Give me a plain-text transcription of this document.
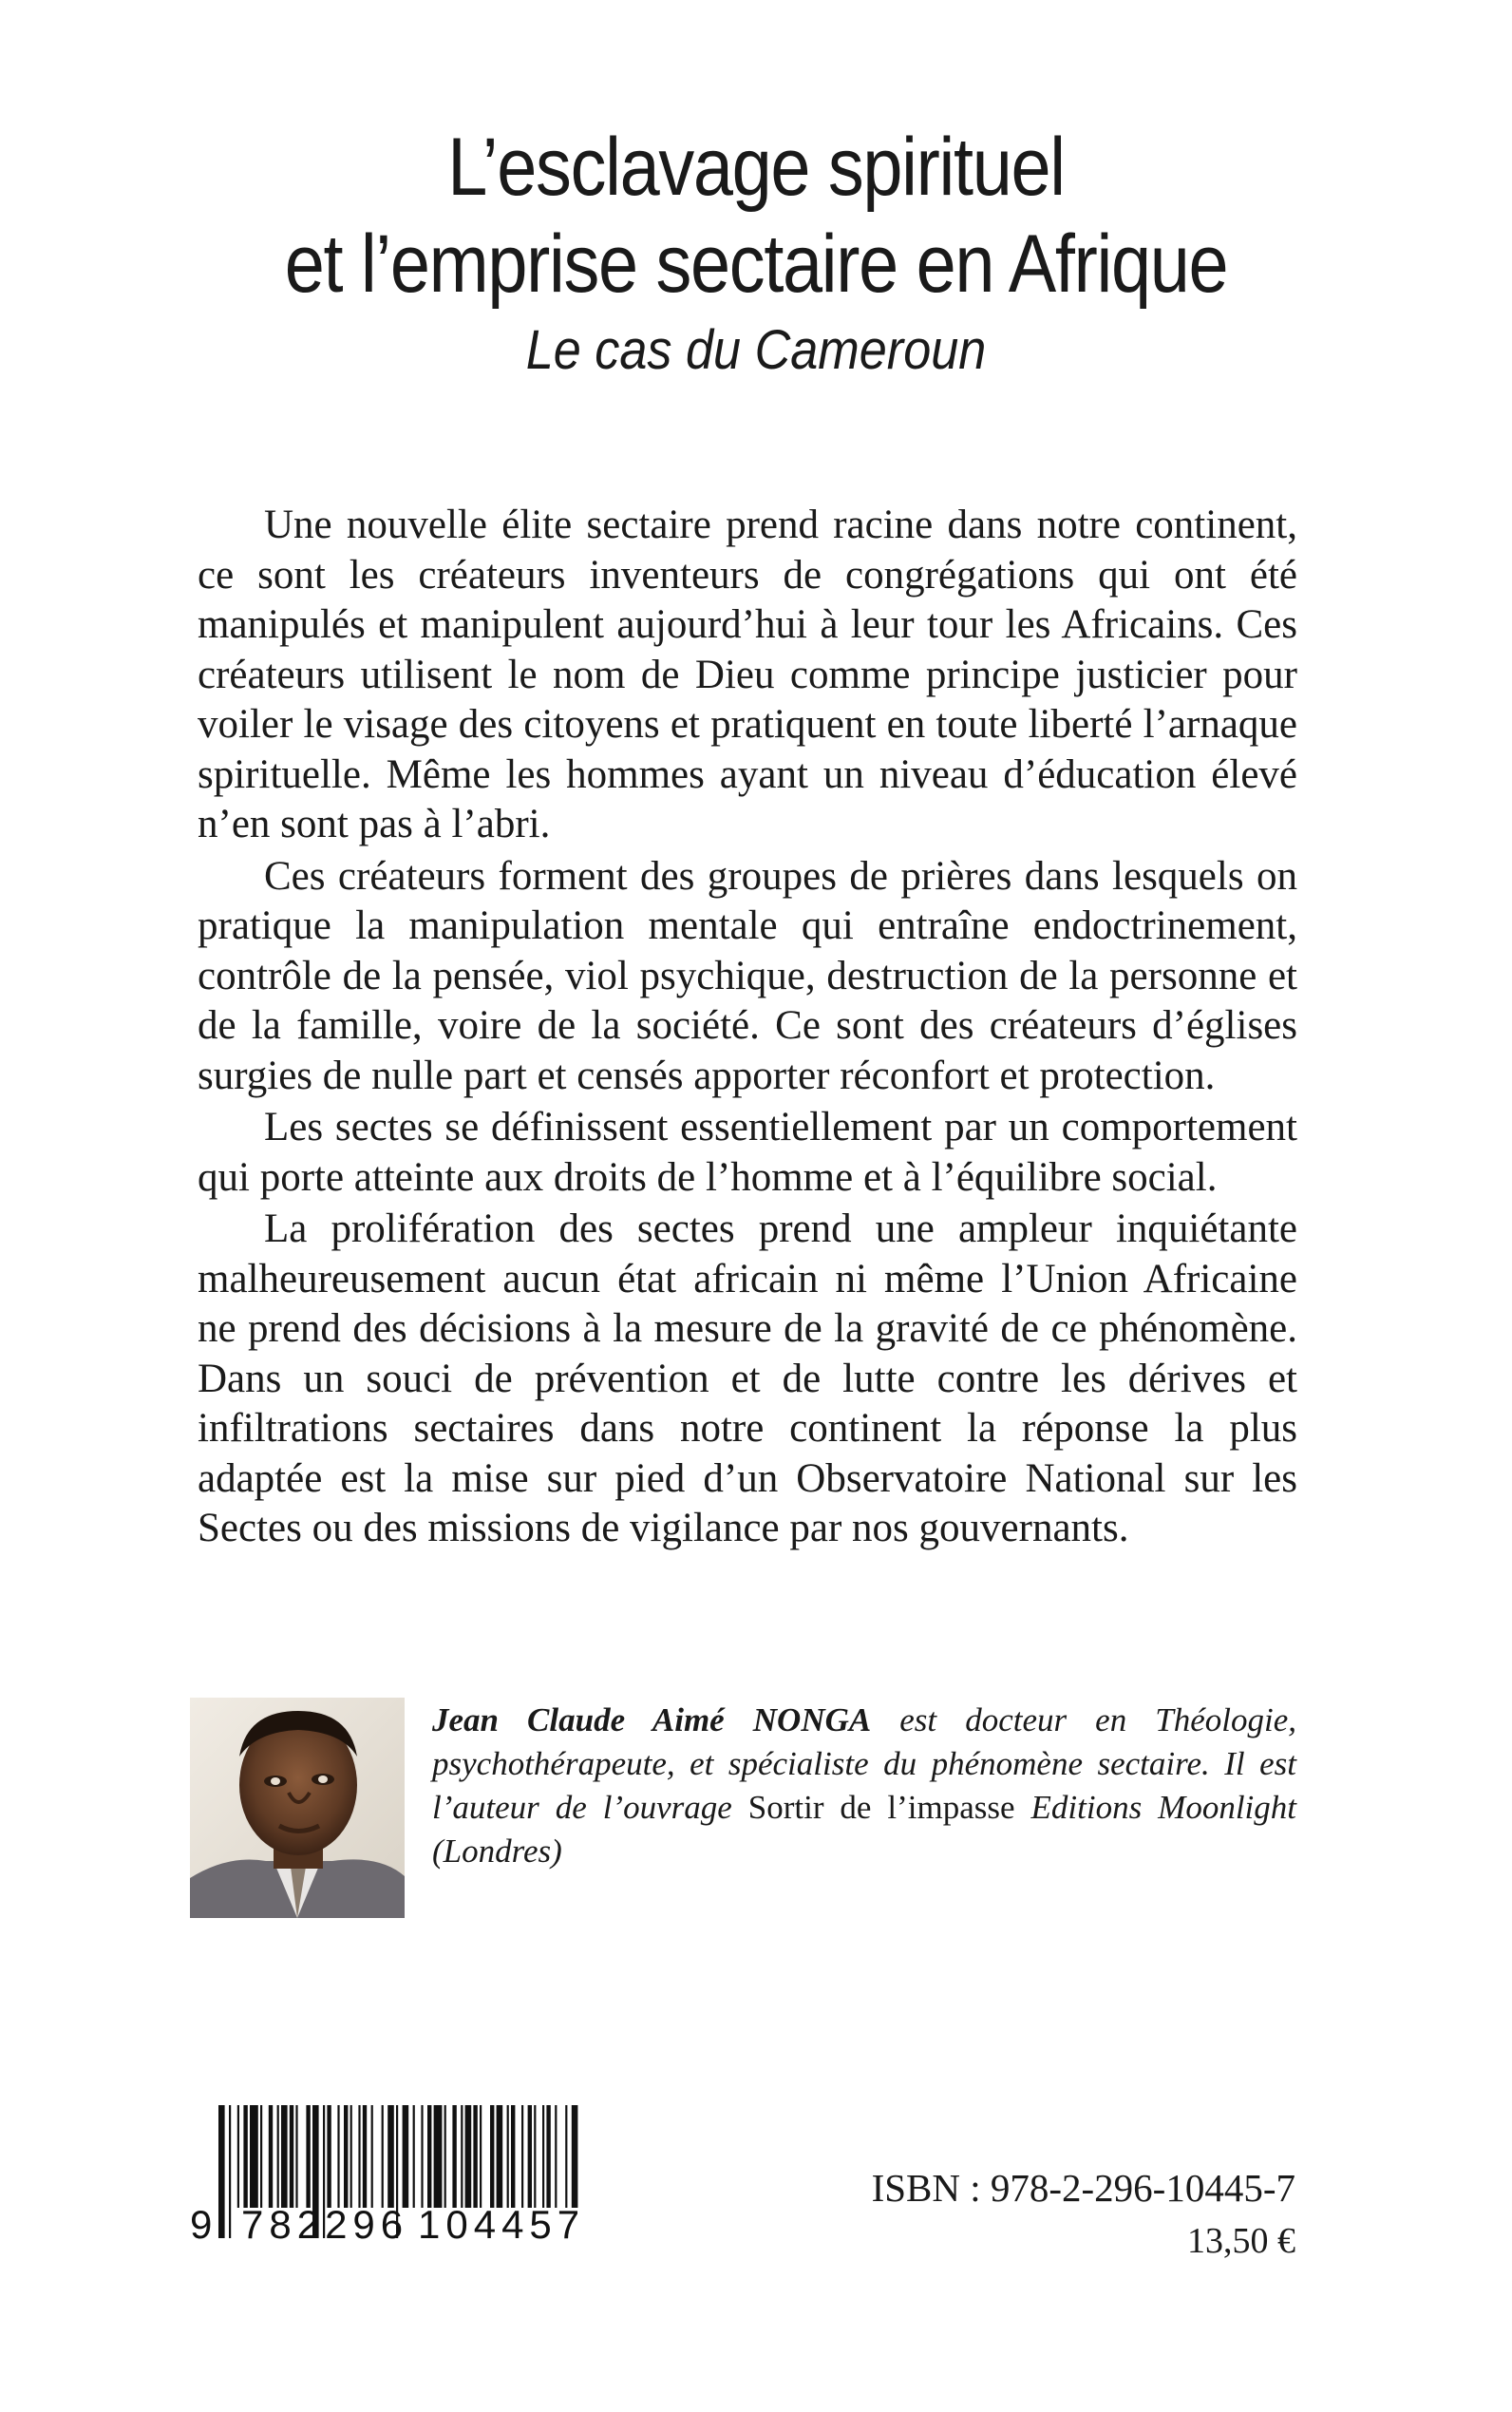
L’esclavage spirituel
et l’emprise sectaire en Afrique
Le cas du Cameroun

Une nouvelle élite sectaire prend racine dans notre continent, ce sont les créateurs inventeurs de congrégations qui ont été manipulés et manipulent aujourd’hui à leur tour les Africains. Ces créateurs utilisent le nom de Dieu comme principe justicier pour voiler le visage des citoyens et pratiquent en toute liberté l’arnaque spirituelle. Même les hommes ayant un niveau d’éducation élevé n’en sont pas à l’abri.

Ces créateurs forment des groupes de prières dans lesquels on pratique la manipulation mentale qui entraîne endoctrinement, contrôle de la pensée, viol psychique, destruction de la personne et de la famille, voire de la société. Ce sont des créateurs d’églises surgies de nulle part et censés apporter réconfort et protection.

Les sectes se définissent essentiellement par un comportement qui porte atteinte aux droits de l’homme et à l’équilibre social.

La prolifération des sectes prend une ampleur inquiétante malheureusement aucun état africain ni même l’Union Africaine ne prend des décisions à la mesure de la gravité de ce phénomène. Dans un souci de prévention et de lutte contre les dérives et infiltrations sectaires dans notre continent la réponse la plus adaptée est la mise sur pied d’un Observatoire National sur les Sectes ou des missions de vigilance par nos gouvernants.

Jean Claude Aimé NONGA est docteur en Théologie, psychothérapeute, et spécialiste du phénomène sectaire. Il est l’auteur de l’ouvrage Sortir de l’impasse Editions Moonlight (Londres)
9 782296 104457
ISBN : 978-2-296-10445-7
13,50 €
